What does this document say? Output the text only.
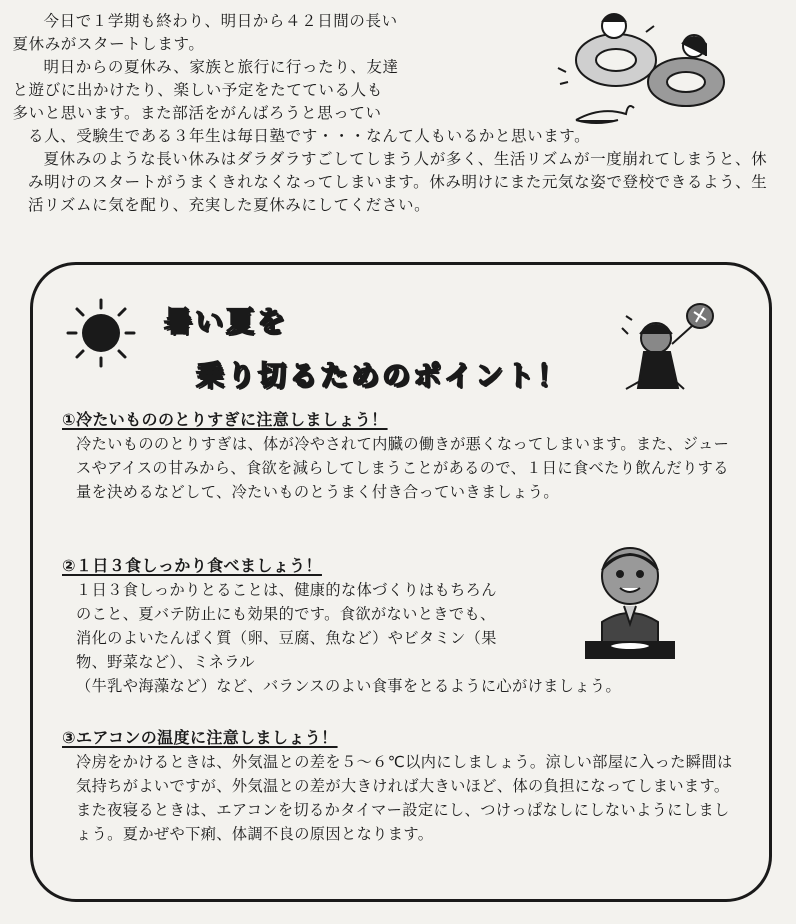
今日で１学期も終わり、明日から４２日間の長い
夏休みがスタートします。

明日からの夏休み、家族と旅行に行ったり、友達
と遊びに出かけたり、楽しい予定をたてている人も
多いと思います。また部活をがんばろうと思ってい

る人、受験生である３年生は毎日塾です・・・なんて人もいるかと思います。

夏休みのような長い休みはダラダラすごしてしまう人が多く、生活リズムが一度崩れてしまうと、休み明けのスタートがうまくきれなくなってしまいます。休み明けにまた元気な姿で登校できるよう、生活リズムに気を配り、充実した夏休みにしてください。

暑い夏を
乗り切るためのポイント！
①冷たいもののとりすぎに注意しましょう！

冷たいもののとりすぎは、体が冷やされて内臓の働きが悪くなってしまいます。また、ジュースやアイスの甘みから、食欲を減らしてしまうことがあるので、１日に食べたり飲んだりする量を決めるなどして、冷たいものとうまく付き合っていきましょう。

②１日３食しっかり食べましょう！

１日３食しっかりとることは、健康的な体づくりはもちろんのこと、夏バテ防止にも効果的です。食欲がないときでも、消化のよいたんぱく質（卵、豆腐、魚など）やビタミン（果物、野菜など）、ミネラル

（牛乳や海藻など）など、バランスのよい食事をとるように心がけましょう。

③エアコンの温度に注意しましょう！

冷房をかけるときは、外気温との差を５～６℃以内にしましょう。涼しい部屋に入った瞬間は気持ちがよいですが、外気温との差が大きければ大きいほど、体の負担になってしまいます。また夜寝るときは、エアコンを切るかタイマー設定にし、つけっぱなしにしないようにしましょう。夏かぜや下痢、体調不良の原因となります。
